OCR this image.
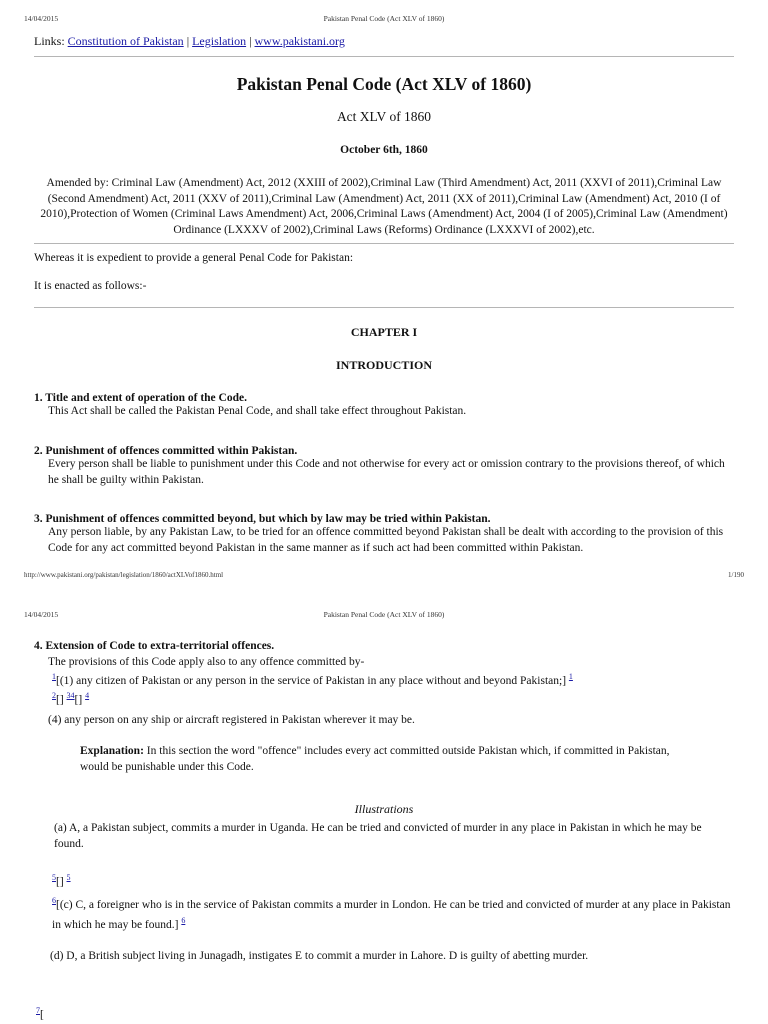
14/04/2015	Pakistan Penal Code (Act XLV of 1860)
Links: Constitution of Pakistan | Legislation | www.pakistani.org
Pakistan Penal Code (Act XLV of 1860)
Act XLV of 1860
October 6th, 1860
Amended by: Criminal Law (Amendment) Act, 2012 (XXIII of 2002),Criminal Law (Third Amendment) Act, 2011 (XXVI of 2011),Criminal Law (Second Amendment) Act, 2011 (XXV of 2011),Criminal Law (Amendment) Act, 2011 (XX of 2011),Criminal Law (Amendment) Act, 2010 (I of 2010),Protection of Women (Criminal Laws Amendment) Act, 2006,Criminal Laws (Amendment) Act, 2004 (I of 2005),Criminal Law (Amendment) Ordinance (LXXXV of 2002),Criminal Laws (Reforms) Ordinance (LXXXVI of 2002),etc.
Whereas it is expedient to provide a general Penal Code for Pakistan:
It is enacted as follows:-
CHAPTER I
INTRODUCTION
1. Title and extent of operation of the Code.
This Act shall be called the Pakistan Penal Code, and shall take effect throughout Pakistan.
2. Punishment of offences committed within Pakistan.
Every person shall be liable to punishment under this Code and not otherwise for every act or omission contrary to the provisions thereof, of which he shall be guilty within Pakistan.
3. Punishment of offences committed beyond, but which by law may be tried within Pakistan.
Any person liable, by any Pakistan Law, to be tried for an offence committed beyond Pakistan shall be dealt with according to the provision of this Code for any act committed beyond Pakistan in the same manner as if such act had been committed within Pakistan.
http://www.pakistani.org/pakistan/legislation/1860/actXLVof1860.html	1/190
14/04/2015	Pakistan Penal Code (Act XLV of 1860)
4. Extension of Code to extra-territorial offences.
The provisions of this Code apply also to any offence committed by-
$^1$[(1) any citizen of Pakistan or any person in the service of Pakistan in any place without and beyond Pakistan;] $^1$
$^2$[] $^{34}$[] $^4$
(4) any person on any ship or aircraft registered in Pakistan wherever it may be.
Explanation: In this section the word "offence" includes every act committed outside Pakistan which, if committed in Pakistan, would be punishable under this Code.
Illustrations
(a) A, a Pakistan subject, commits a murder in Uganda. He can be tried and convicted of murder in any place in Pakistan in which he may be found.
$^5$[] $^5$
$^6$[(c) C, a foreigner who is in the service of Pakistan commits a murder in London. He can be tried and convicted of murder at any place in Pakistan in which he may be found.] $^6$
(d) D, a British subject living in Junagadh, instigates E to commit a murder in Lahore. D is guilty of abetting murder.
$^7$[
